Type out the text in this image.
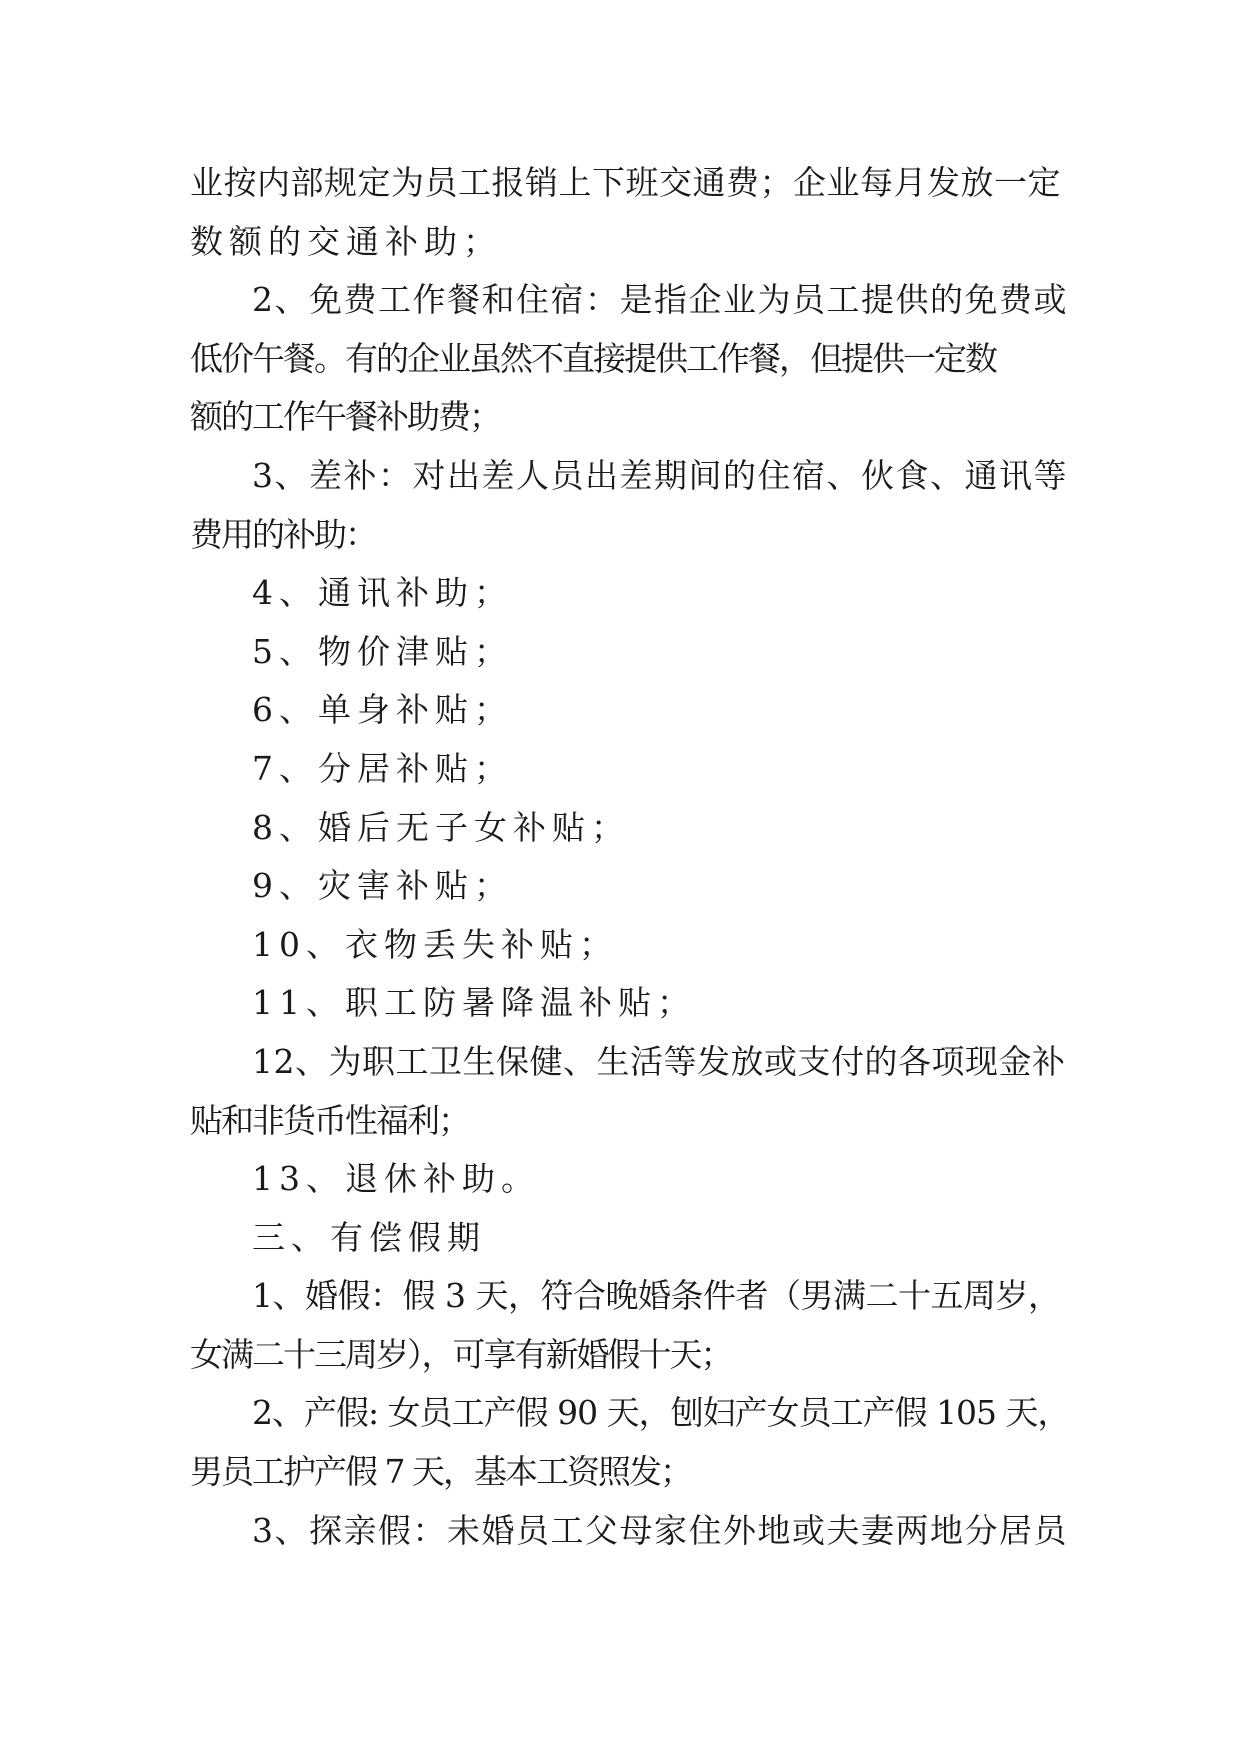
业按内部规定为员工报销上下班交通费；企业每月发放一定
数额的交通补助；

2、免费工作餐和住宿：是指企业为员工提供的免费或
低价午餐。有的企业虽然不直接提供工作餐，但提供一定数
额的工作午餐补助费；

3、差补：对出差人员出差期间的住宿、伙食、通讯等
费用的补助：

4、通讯补助；

5、物价津贴；

6、单身补贴；

7、分居补贴；

8、婚后无子女补贴；

9、灾害补贴；

10、衣物丢失补贴；

11、职工防暑降温补贴；

12、为职工卫生保健、生活等发放或支付的各项现金补
贴和非货币性福利；

13、退休补助。

三、有偿假期

1、婚假：假 3 天，符合晚婚条件者（男满二十五周岁，
女满二十三周岁），可享有新婚假十天；

2、产假: 女员工产假 90 天，刨妇产女员工产假 105 天，
男员工护产假 7 天，基本工资照发；

3、探亲假：未婚员工父母家住外地或夫妻两地分居员
